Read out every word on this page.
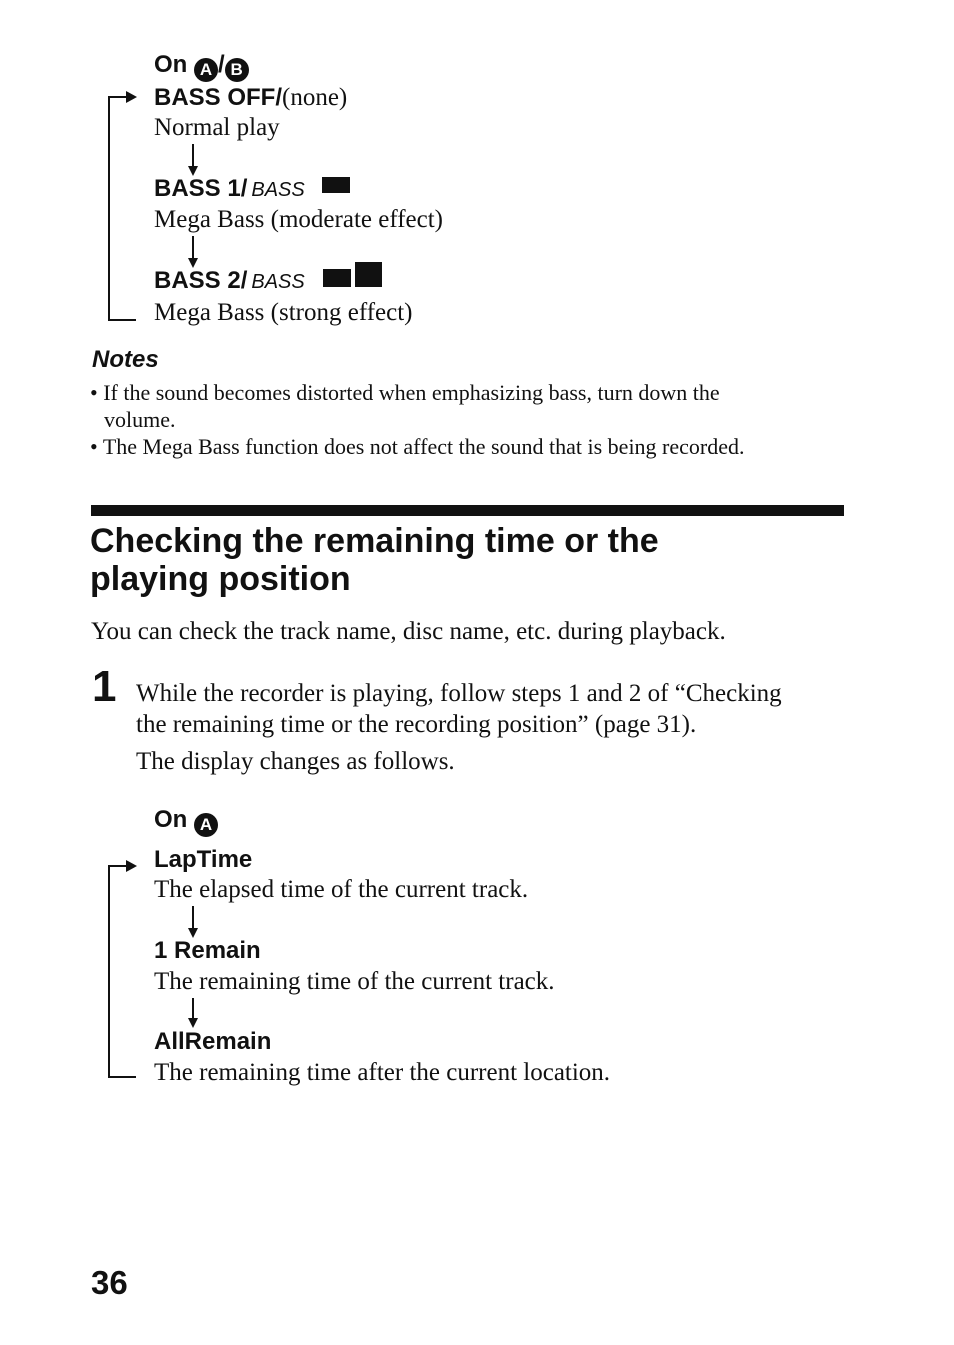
On A / B
BASS OFF/(none)
Normal play
BASS 1/ BASS
Mega Bass (moderate effect)
BASS 2/ BASS
Mega Bass (strong effect)
Notes
• If the sound becomes distorted when emphasizing bass, turn down the
volume.
• The Mega Bass function does not affect the sound that is being recorded.
Checking the remaining time or the
playing position
You can check the track name, disc name, etc. during playback.
1 While the recorder is playing, follow steps 1 and 2 of “Checking
the remaining time or the recording position” (page 31).
The display changes as follows.
On A
LapTime
The elapsed time of the current track.
1 Remain
The remaining time of the current track.
AllRemain
The remaining time after the current location.
36
